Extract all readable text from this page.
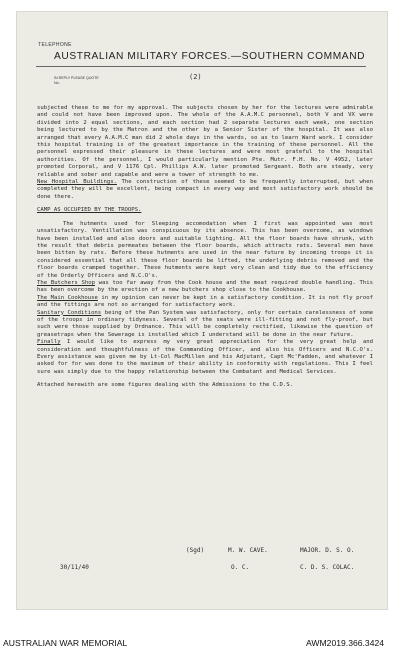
TELEPHONE
AUSTRALIAN MILITARY FORCES.—SOUTHERN COMMAND
IN REPLY PLEASE QUOTE
No.
(2)

subjected these to me for my approval. The subjects chosen by her for the lectures were admirable and could not have been improved upon. The whole of the A.A.M.C personnel, both V and VX were divided into 2 equal sections, and each section had 2 separate lectures each week, one section being lectured to by the Matron and the other by a Senior Sister of the hospital. It was also arranged that every A.A.M.C man did 2 whole days in the wards, so as to learn Ward work. I consider this hospital training is of the greatest importance in the training of these personnel. All the personnel expressed their pleasure in these lectures and were most grateful to the hospital authorities. Of the personnel, I would particularly mention Pte. Mutr. F.H. No. V 4952, later promoted Corporal, and V 1176 Cpl. Phillips A.W. later promoted Sergeant. Both are steady, very reliable and sober and capable and were a tower of strength to me.

New Hospital Buildings. The construction of these seemed to be frequently interrupted, but when completed they will be excellent, being compact in every way and most satisfactory work should be done there.

CAMP AS OCCUPIED BY THE TROOPS.

The hutments used for Sleeping accomodation when I first was appointed was most unsatisfactory. Ventillation was conspicuous by its absence. This has been overcome, as windows have been installed and also doors and suitable lighting. All the floor boards have shrunk, with the result that debris permeates between the floor boards, which attracts rats. Several men have been bitten by rats. Before these hutments are used in the near future by incoming troops it is considered essential that all these floor boards be lifted, the underlying debris removed and the floor boards cramped together. These hutments were kept very clean and tidy due to the efficiency of the Orderly Officers and N.C.O's.

The Butchers Shop was too far away from the Cook house and the meat required double handling. This has been overcome by the erection of a new butchers shop close to the Cookhouse.

The Main Cookhouse in my opinion can never be kept in a satisfactory condition. It is not fly proof and the fittings are not so arranged for satisfactory work.

Sanitary Conditions being of the Pan System was satisfactory, only for certain carelessness of some of the troops in ordinary tidyness. Several of the seats were ill-fitting and not fly-proof, but such were those supplied by Ordnance. This will be completely rectified, likewise the question of greasetraps when the Sewerage is installed which I understand will be done in the near future.

Finally I would like to express my very great appreciation for the very great help and consideration and thoughtfulness of the Commanding Officer, and also his Officers and N.C.O's. Every assistance was given me by Lt-Col MacMillen and his Adjutant, Capt Mc'Fadden, and whatever I asked for for was done to the maximum of their ability in conformity with regulations. This I feel sure was simply due to the happy relationship between the Combatant and Medical Services.

Attached herewith are some figures dealing with the Admissions to the C.D.S.

(Sgd)	M. W. CAVE.	MAJOR. D. S. O.
30/11/40	O. C.	C. D. S. COLAC.
AUSTRALIAN WAR MEMORIAL	AWM2019.366.3424
